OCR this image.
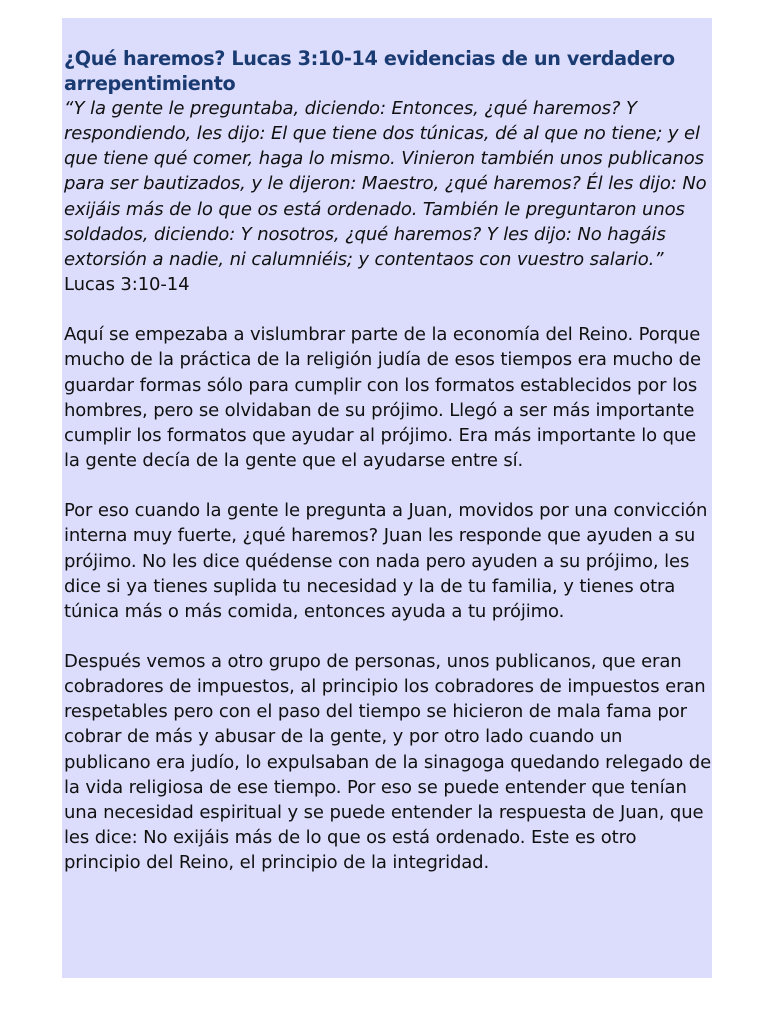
¿Qué haremos? Lucas 3:10-14 evidencias de un verdadero arrepentimiento

“Y la gente le preguntaba, diciendo: Entonces, ¿qué haremos? Y respondiendo, les dijo: El que tiene dos túnicas, dé al que no tiene; y el que tiene qué comer, haga lo mismo. Vinieron también unos publicanos para ser bautizados, y le dijeron: Maestro, ¿qué haremos? Él les dijo: No exijáis más de lo que os está ordenado. También le preguntaron unos soldados, diciendo: Y nosotros, ¿qué haremos? Y les dijo: No hagáis extorsión a nadie, ni calumniéis; y contentaos con vuestro salario.” Lucas 3:10-14

Aquí se empezaba a vislumbrar parte de la economía del Reino. Porque mucho de la práctica de la religión judía de esos tiempos era mucho de guardar formas sólo para cumplir con los formatos establecidos por los hombres, pero se olvidaban de su prójimo. Llegó a ser más importante cumplir los formatos que ayudar al prójimo. Era más importante lo que la gente decía de la gente que el ayudarse entre sí.

Por eso cuando la gente le pregunta a Juan, movidos por una convicción interna muy fuerte, ¿qué haremos? Juan les responde que ayuden a su prójimo. No les dice quédense con nada pero ayuden a su prójimo, les dice si ya tienes suplida tu necesidad y la de tu familia, y tienes otra túnica más o más comida, entonces ayuda a tu prójimo.

Después vemos a otro grupo de personas, unos publicanos, que eran cobradores de impuestos, al principio los cobradores de impuestos eran respetables pero con el paso del tiempo se hicieron de mala fama por cobrar de más y abusar de la gente, y por otro lado cuando un publicano era judío, lo expulsaban de la sinagoga quedando relegado de la vida religiosa de ese tiempo. Por eso se puede entender que tenían una necesidad espiritual y se puede entender la respuesta de Juan, que les dice: No exijáis más de lo que os está ordenado. Este es otro principio del Reino, el principio de la integridad.
